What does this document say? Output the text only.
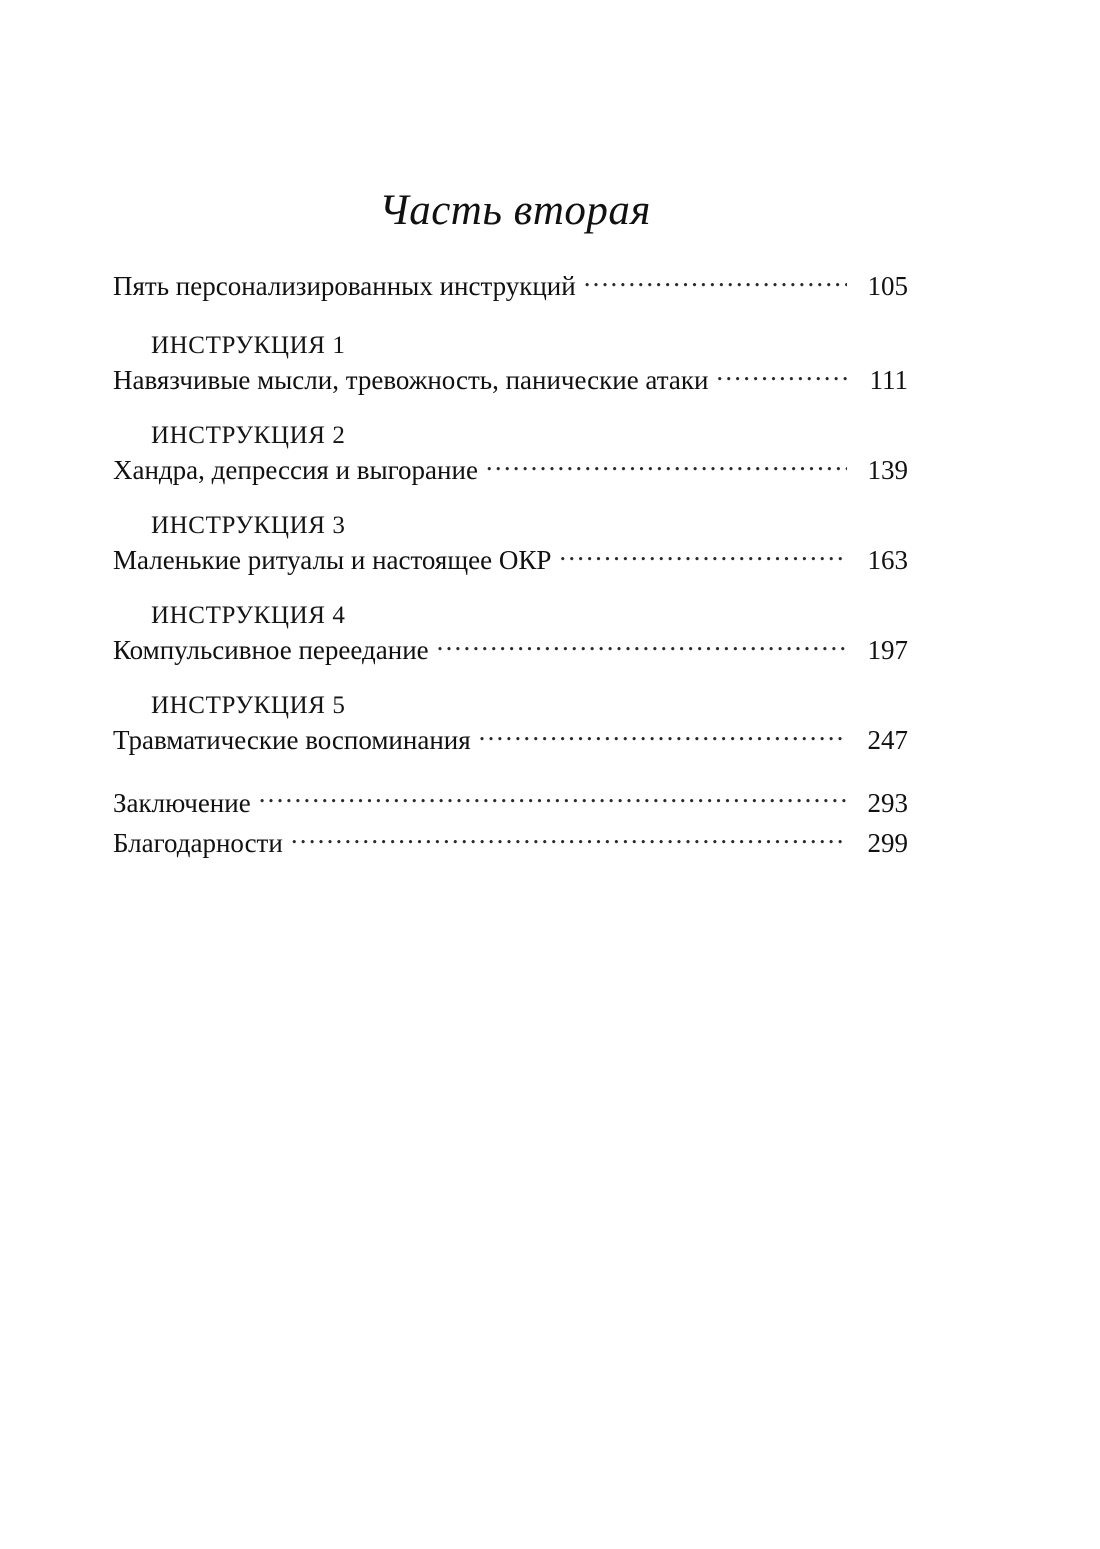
Часть вторая
Пять персонализированных инструкций .....	105
ИНСТРУКЦИЯ 1
Навязчивые мысли, тревожность, панические атаки .....	111
ИНСТРУКЦИЯ 2
Хандра, депрессия и выгорание .....	139
ИНСТРУКЦИЯ 3
Маленькие ритуалы и настоящее ОКР .....	163
ИНСТРУКЦИЯ 4
Компульсивное переедание .....	197
ИНСТРУКЦИЯ 5
Травматические воспоминания .....	247
Заключение .....	293
Благодарности .....	299
